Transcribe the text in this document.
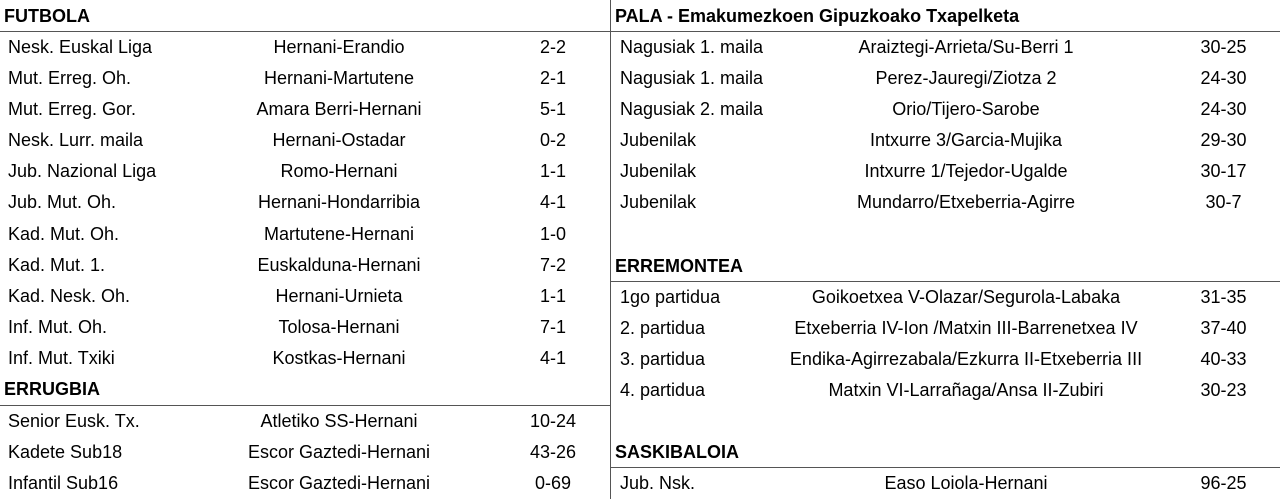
FUTBOLA
Nesk. Euskal Liga	Hernani-Erandio	2-2
Mut. Erreg. Oh.	Hernani-Martutene	2-1
Mut. Erreg. Gor.	Amara Berri-Hernani	5-1
Nesk. Lurr. maila	Hernani-Ostadar	0-2
Jub. Nazional Liga	Romo-Hernani	1-1
Jub. Mut. Oh.	Hernani-Hondarribia	4-1
Kad. Mut. Oh.	Martutene-Hernani	1-0
Kad. Mut. 1.	Euskalduna-Hernani	7-2
Kad. Nesk. Oh.	Hernani-Urnieta	1-1
Inf. Mut. Oh.	Tolosa-Hernani	7-1
Inf. Mut. Txiki	Kostkas-Hernani	4-1
ERRUGBIA
Senior Eusk. Tx.	Atletiko SS-Hernani	10-24
Kadete Sub18	Escor Gaztedi-Hernani	43-26
Infantil Sub16	Escor Gaztedi-Hernani	0-69
PALA - Emakumezkoen Gipuzkoako Txapelketa
Nagusiak 1. maila	Araiztegi-Arrieta/Su-Berri 1	30-25
Nagusiak 1. maila	Perez-Jauregi/Ziotza 2	24-30
Nagusiak 2. maila	Orio/Tijero-Sarobe	24-30
Jubenilak	Intxurre 3/Garcia-Mujika	29-30
Jubenilak	Intxurre 1/Tejedor-Ugalde	30-17
Jubenilak	Mundarro/Etxeberria-Agirre	30-7
ERREMONTEA
1go partidua	Goikoetxea V-Olazar/Segurola-Labaka	31-35
2. partidua	Etxeberria IV-Ion /Matxin III-Barrenetxea IV	37-40
3. partidua	Endika-Agirrezabala/Ezkurra II-Etxeberria III	40-33
4. partidua	Matxin VI-Larrañaga/Ansa II-Zubiri	30-23
SASKIBALOIA
Jub. Nsk.	Easo Loiola-Hernani	96-25
